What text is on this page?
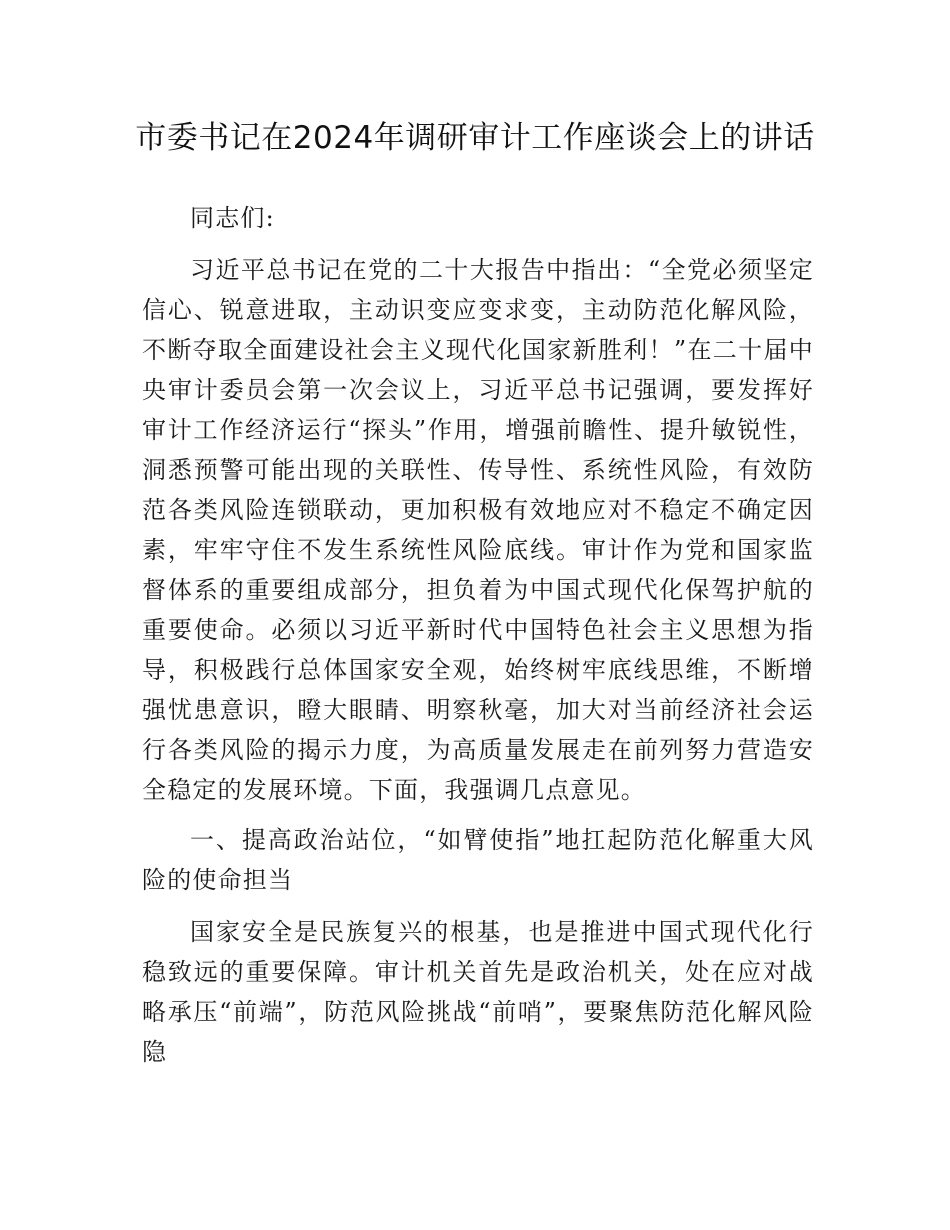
市委书记在2024年调研审计工作座谈会上的讲话

同志们:

习近平总书记在党的二十大报告中指出：“全党必须坚定信心、锐意进取，主动识变应变求变，主动防范化解风险，不断夺取全面建设社会主义现代化国家新胜利！”在二十届中央审计委员会第一次会议上，习近平总书记强调，要发挥好审计工作经济运行“探头”作用，增强前瞻性、提升敏锐性，洞悉预警可能出现的关联性、传导性、系统性风险，有效防范各类风险连锁联动，更加积极有效地应对不稳定不确定因素，牢牢守住不发生系统性风险底线。审计作为党和国家监督体系的重要组成部分，担负着为中国式现代化保驾护航的重要使命。必须以习近平新时代中国特色社会主义思想为指导，积极践行总体国家安全观，始终树牢底线思维，不断增强忧患意识，瞪大眼睛、明察秋毫，加大对当前经济社会运行各类风险的揭示力度，为高质量发展走在前列努力营造安全稳定的发展环境。下面，我强调几点意见。

一、提高政治站位，“如臂使指”地扛起防范化解重大风险的使命担当

国家安全是民族复兴的根基，也是推进中国式现代化行稳致远的重要保障。审计机关首先是政治机关，处在应对战略承压“前端”，防范风险挑战“前哨”，要聚焦防范化解风险隐
